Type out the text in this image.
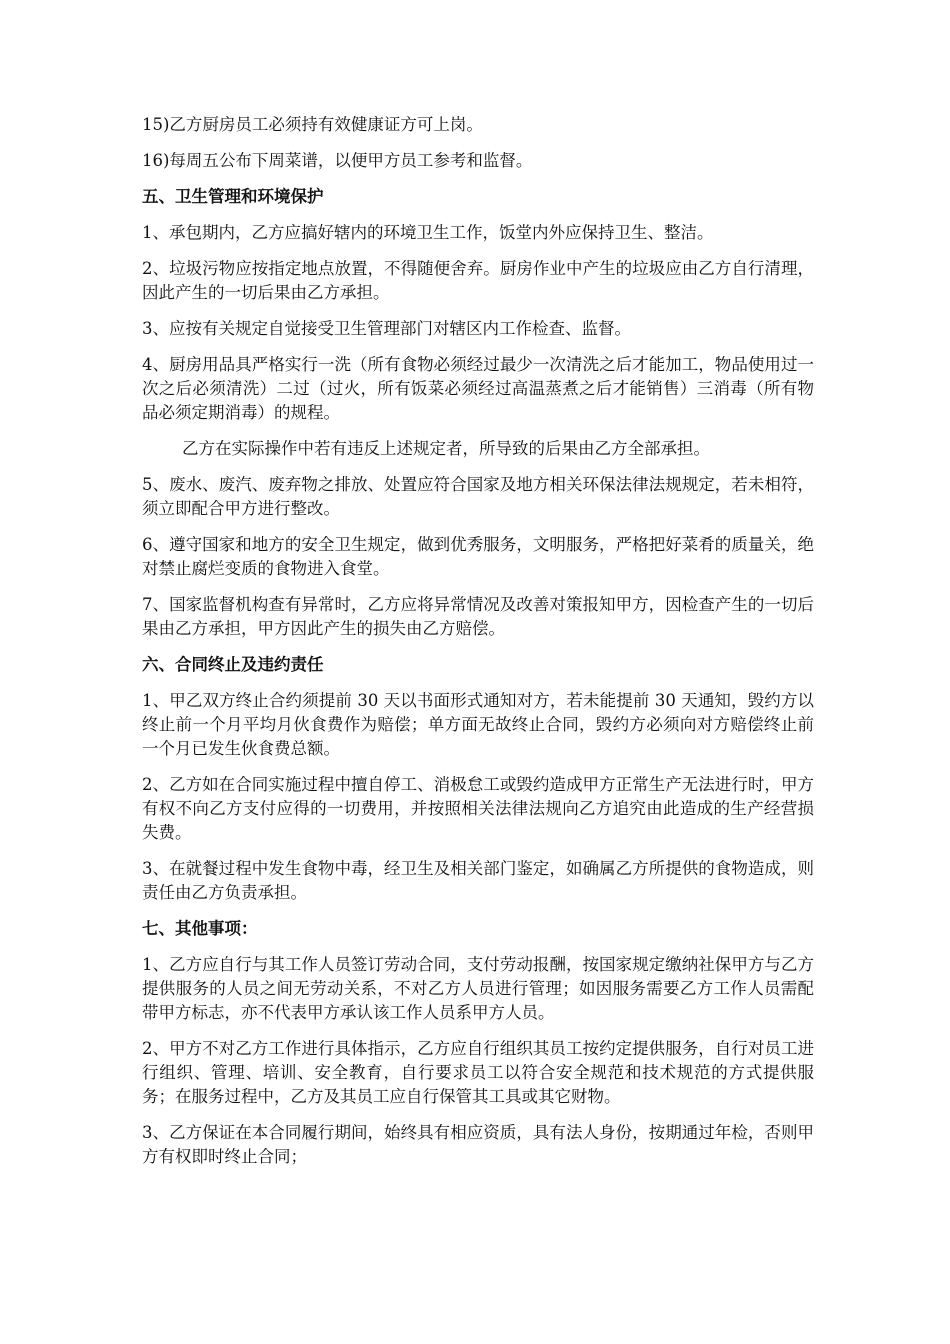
15)乙方厨房员工必须持有效健康证方可上岗。

16)每周五公布下周菜谱，以便甲方员工参考和监督。

五、卫生管理和环境保护

1、承包期内，乙方应搞好辖内的环境卫生工作，饭堂内外应保持卫生、整洁。

2、垃圾污物应按指定地点放置，不得随便舍弃。厨房作业中产生的垃圾应由乙方自行清理，因此产生的一切后果由乙方承担。

3、应按有关规定自觉接受卫生管理部门对辖区内工作检查、监督。

4、厨房用品具严格实行一洗（所有食物必须经过最少一次清洗之后才能加工，物品使用过一次之后必须清洗）二过（过火，所有饭菜必须经过高温蒸煮之后才能销售）三消毒（所有物品必须定期消毒）的规程。

乙方在实际操作中若有违反上述规定者，所导致的后果由乙方全部承担。

5、废水、废汽、废弃物之排放、处置应符合国家及地方相关环保法律法规规定，若未相符，须立即配合甲方进行整改。

6、遵守国家和地方的安全卫生规定，做到优秀服务，文明服务，严格把好菜肴的质量关，绝对禁止腐烂变质的食物进入食堂。

7、国家监督机构查有异常时，乙方应将异常情况及改善对策报知甲方，因检查产生的一切后果由乙方承担，甲方因此产生的损失由乙方赔偿。

六、合同终止及违约责任

1、甲乙双方终止合约须提前 30 天以书面形式通知对方，若未能提前 30 天通知，毁约方以终止前一个月平均月伙食费作为赔偿；单方面无故终止合同，毁约方必须向对方赔偿终止前一个月已发生伙食费总额。

2、乙方如在合同实施过程中擅自停工、消极怠工或毁约造成甲方正常生产无法进行时，甲方有权不向乙方支付应得的一切费用，并按照相关法律法规向乙方追究由此造成的生产经营损失费。

3、在就餐过程中发生食物中毒，经卫生及相关部门鉴定，如确属乙方所提供的食物造成，则责任由乙方负责承担。

七、其他事项：

1、乙方应自行与其工作人员签订劳动合同，支付劳动报酬，按国家规定缴纳社保甲方与乙方提供服务的人员之间无劳动关系，不对乙方人员进行管理；如因服务需要乙方工作人员需配带甲方标志，亦不代表甲方承认该工作人员系甲方人员。

2、甲方不对乙方工作进行具体指示，乙方应自行组织其员工按约定提供服务，自行对员工进行组织、管理、培训、安全教育，自行要求员工以符合安全规范和技术规范的方式提供服务；在服务过程中，乙方及其员工应自行保管其工具或其它财物。

3、乙方保证在本合同履行期间，始终具有相应资质，具有法人身份，按期通过年检，否则甲方有权即时终止合同；
